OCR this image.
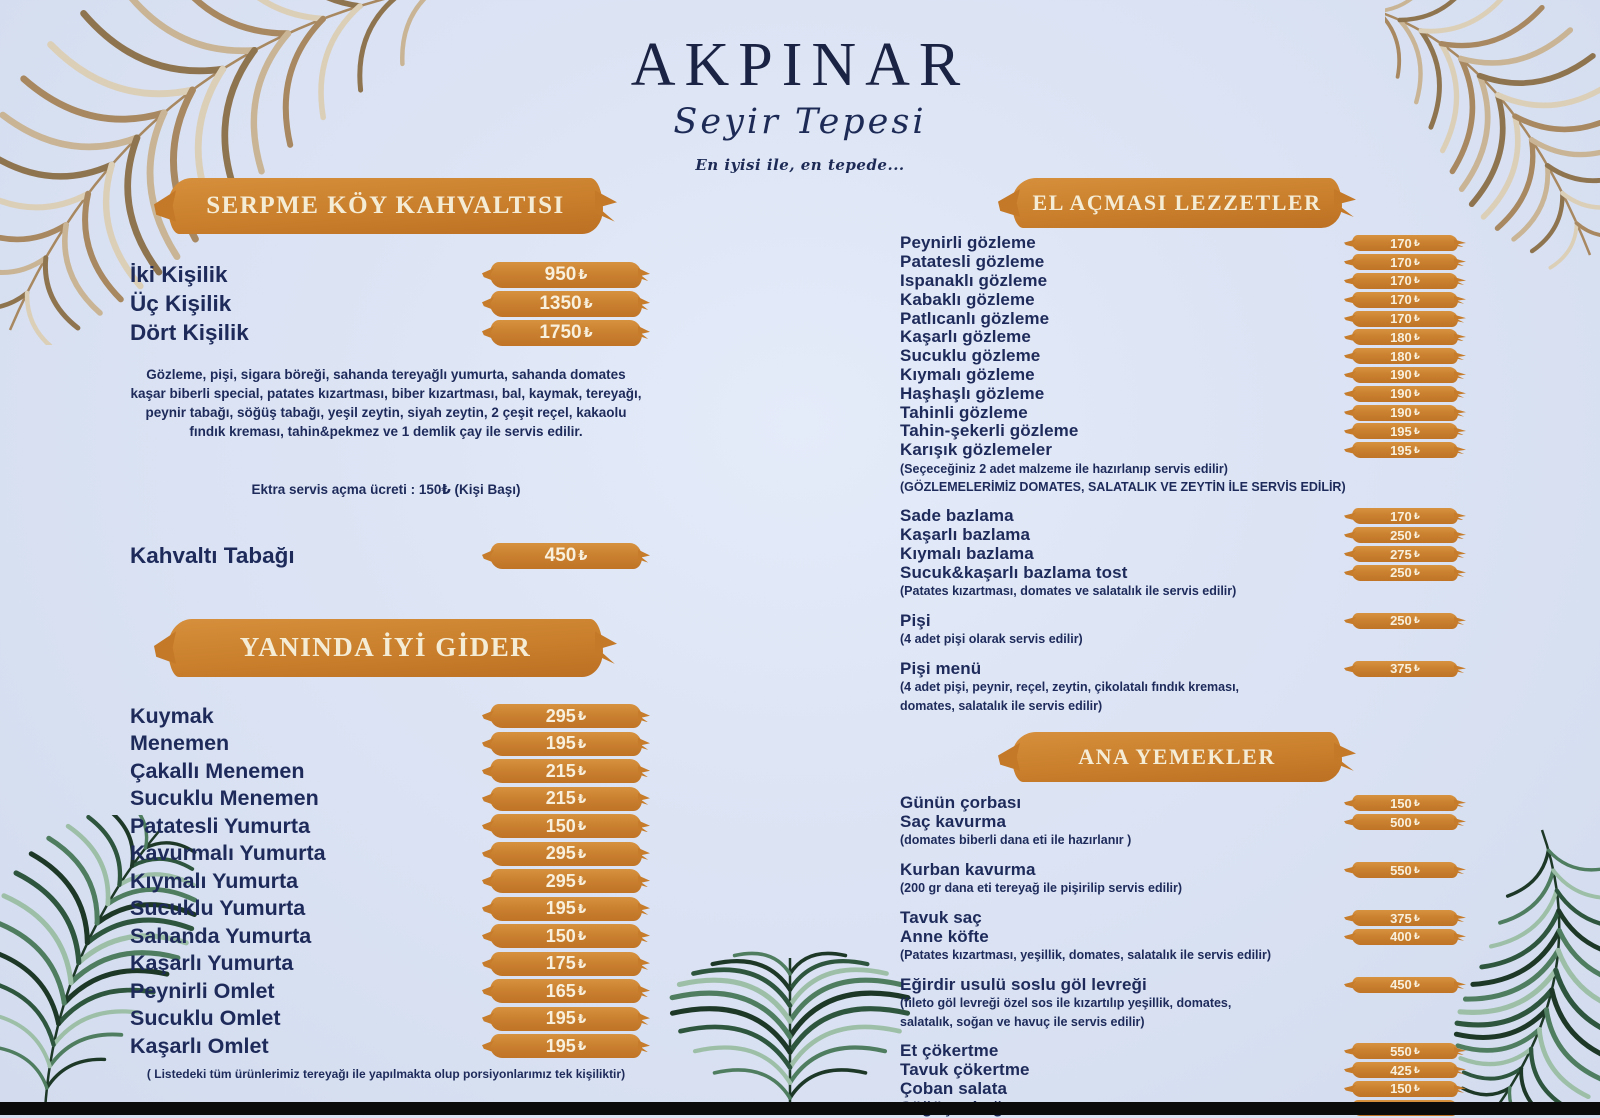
AKPINAR
Seyir Tepesi
En iyisi ile, en tepede...
SERPME KÖY KAHVALTISI
İki Kişilik	950 ₺
Üç Kişilik	1350 ₺
Dört Kişilik	1750 ₺
Gözleme, pişi, sigara böreği, sahanda tereyağlı yumurta, sahanda domates kaşar biberli special, patates kızartması, biber kızartması, bal, kaymak, tereyağı, peynir tabağı, söğüş tabağı, yeşil zeytin, siyah zeytin, 2 çeşit reçel, kakaolu fındık kreması, tahin&pekmez ve 1 demlik çay ile servis edilir.
Ektra servis açma ücreti : 150₺ (Kişi Başı)
Kahvaltı Tabağı	450 ₺
YANINDA İYİ GİDER
Kuymak	295 ₺
Menemen	195 ₺
Çakallı Menemen	215 ₺
Sucuklu Menemen	215 ₺
Patatesli Yumurta	150 ₺
Kavurmalı Yumurta	295 ₺
Kıymalı Yumurta	295 ₺
Sucuklu Yumurta	195 ₺
Sahanda Yumurta	150 ₺
Kaşarlı Yumurta	175 ₺
Peynirli Omlet	165 ₺
Sucuklu Omlet	195 ₺
Kaşarlı Omlet	195 ₺
( Listedeki tüm ürünlerimiz tereyağı ile yapılmakta olup porsiyonlarımız tek kişiliktir)
EL AÇMASI LEZZETLER
Peynirli gözleme	170 ₺
Patatesli gözleme	170 ₺
Ispanaklı gözleme	170 ₺
Kabaklı gözleme	170 ₺
Patlıcanlı gözleme	170 ₺
Kaşarlı gözleme	180 ₺
Sucuklu gözleme	180 ₺
Kıymalı gözleme	190 ₺
Haşhaşlı gözleme	190 ₺
Tahinli gözleme	190 ₺
Tahin-şekerli gözleme	195 ₺
Karışık gözlemeler	195 ₺
(Seçeceğiniz 2 adet malzeme ile hazırlanıp servis edilir)
(GÖZLEMELERİMİZ DOMATES, SALATALIK VE ZEYTİN İLE SERVİS EDİLİR)
Sade bazlama	170 ₺
Kaşarlı bazlama	250 ₺
Kıymalı bazlama	275 ₺
Sucuk&kaşarlı bazlama tost	250 ₺
(Patates kızartması, domates ve salatalık ile servis edilir)
Pişi	250 ₺
(4 adet pişi olarak servis edilir)
Pişi menü	375 ₺
(4 adet pişi, peynir, reçel, zeytin, çikolatalı fındık kreması,
domates, salatalık ile servis edilir)
ANA YEMEKLER
Günün çorbası	150 ₺
Saç kavurma	500 ₺
(domates biberli dana eti ile hazırlanır )
Kurban kavurma	550 ₺
(200 gr dana eti tereyağ ile pişirilip servis edilir)
Tavuk saç	375 ₺
Anne köfte	400 ₺
(Patates kızartması, yeşillik, domates, salatalık ile servis edilir)
Eğirdir usulü soslu göl levreği	450 ₺
(fileto göl levreği özel sos ile kızartılıp yeşillik, domates,
salatalık, soğan ve havuç ile servis edilir)
Et çökertme	550 ₺
Tavuk çökertme	425 ₺
Çoban salata	150 ₺
